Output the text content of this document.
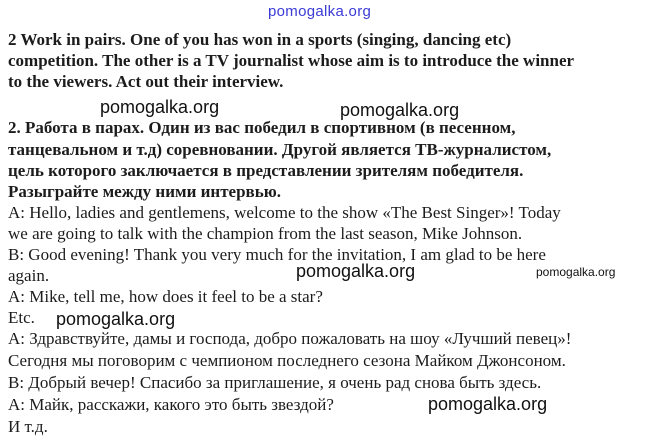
pomogalka.org
2 Work in pairs. One of you has won in a sports (singing, dancing etc)
competition. The other is a TV journalist whose aim is to introduce the winner
to the viewers. Act out their interview.
pomogalka.org	pomogalka.org
2. Работа в парах. Один из вас победил в спортивном (в песенном,
танцевальном и т.д) соревновании. Другой является ТВ-журналистом,
цель которого заключается в представлении зрителям победителя.
Разыграйте между ними интервью.
A: Hello, ladies and gentlemens, welcome to the show «The Best Singer»! Today
we are going to talk with the champion from the last season, Mike Johnson.
B: Good evening! Thank you very much for the invitation, I am glad to be here
again.	pomogalka.org	pomogalka.org
A: Mike, tell me, how does it feel to be a star?
Etc. pomogalka.org
А: Здравствуйте, дамы и господа, добро пожаловать на шоу «Лучший певец»!
Сегодня мы поговорим с чемпионом последнего сезона Майком Джонсоном.
В: Добрый вечер! Спасибо за приглашение, я очень рад снова быть здесь.
А: Майк, расскажи, какого это быть звездой?	pomogalka.org
И т.д.
